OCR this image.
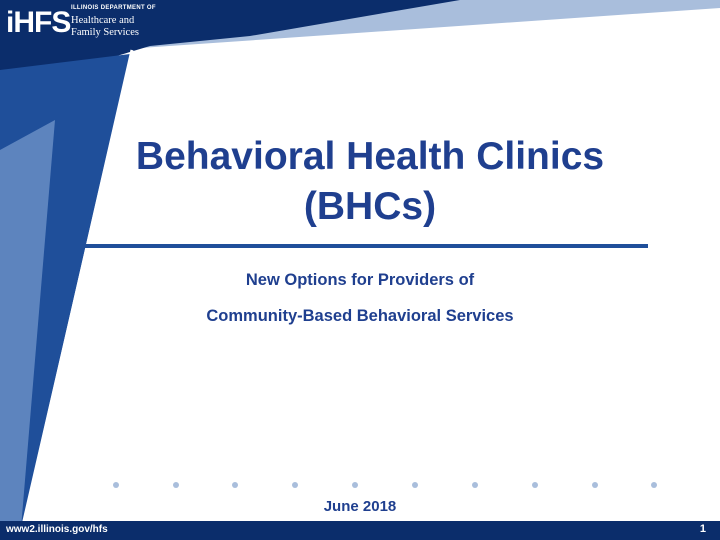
iHFS ILLINOIS DEPARTMENT OF
Healthcare and
Family Services
Behavioral Health Clinics
(BHCs)
New Options for Providers of
Community-Based Behavioral Services
June 2018
www2.illinois.gov/hfs	1
